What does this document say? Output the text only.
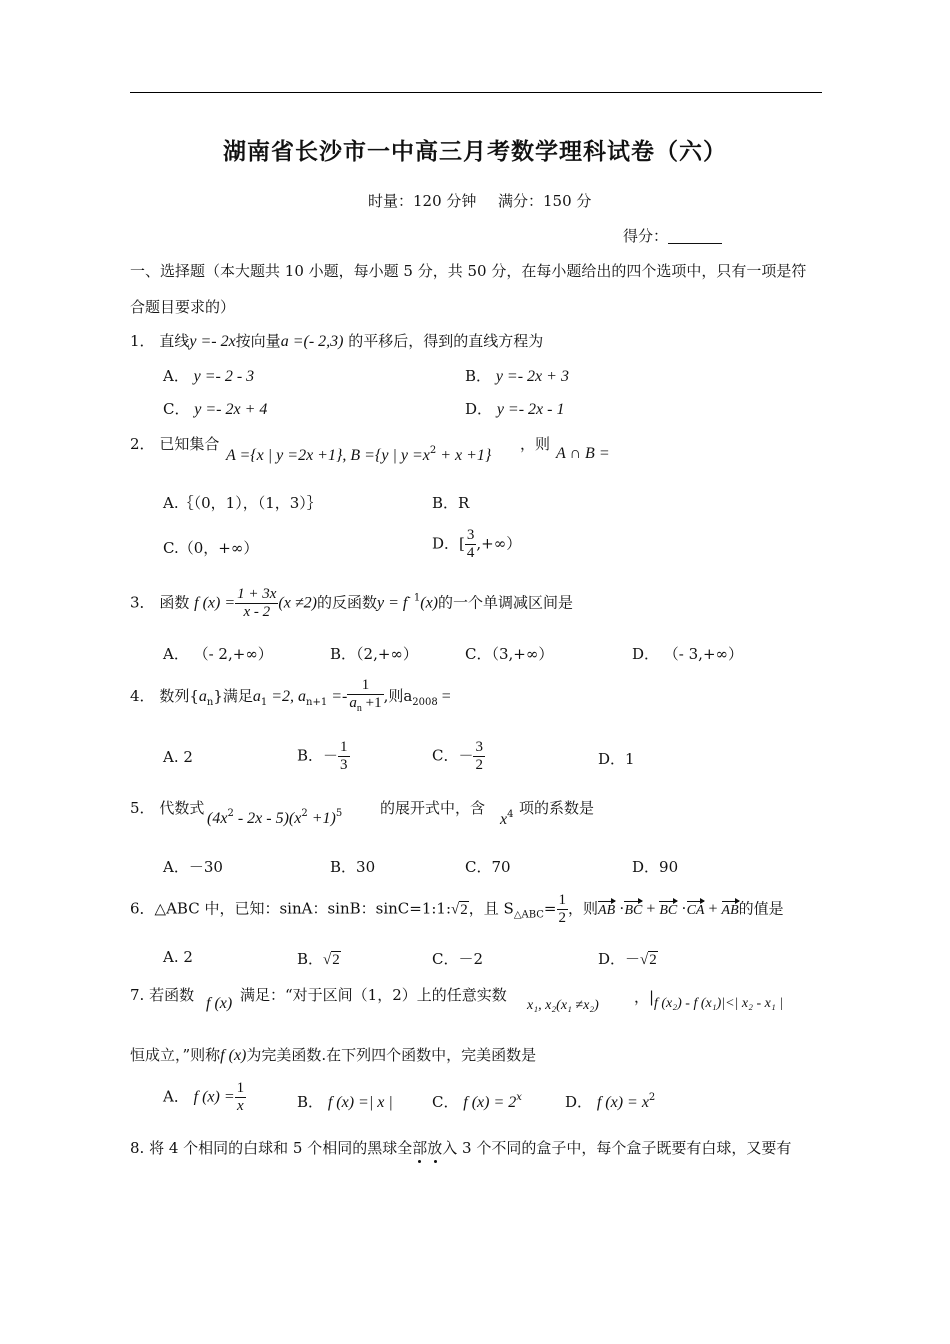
湖南省长沙市一中高三月考数学理科试卷（六）
时量：120 分钟 满分：150 分
得分：
一、选择题（本大题共 10 小题，每小题 5 分，共 50 分，在每小题给出的四个选项中，只有一项是符
合题目要求的）
1． 直线y =- 2x按向量a =(- 2,3) 的平移后，得到的直线方程为
A． y =- 2 - 3	B． y =- 2x + 3
C． y =- 2x + 4	D． y =- 2x - 1
2． 已知集合
A ={x | y =2x +1}, B ={y | $y =x^2 + x +1$}
，则
A ∩ B =
A.｛（0，1），（1，3）｝	B．R
C.（0，+∞）	D．[ $\frac{3}{4}$ ,+∞）
3． 函数 f $(x) = \frac{1 + 3x}{x - 2} (x \ne 2)$的反函数$y = f^{- 1}(x)$的一个单调减区间是
A． （- 2,+∞）	B．（2,+∞）	C．（3,+∞）	D． （- 3,+∞）
4． 数列$\{a_n\}$满足$a_1 =2$, $a_{n+1} =- \frac{1}{a_n +1}$ ,则$a_{2008}$ =
A. 2	B．－ $\frac{1}{3}$	C．－ $\frac{3}{2}$	D．1
5． 代数式
$(4x^2 - 2x - 5)(x^2 +1)^5$	的展开式中，含
$x^4$ 项的系数是
A．－30	B．30	C．70	D．90
6．△ABC 中，已知：sinA：sinB：sinC=1:1:√2，且 $S_{\triangle ABC}= \frac{1}{2}$ ，则AB ·BC + BC ·CA + AB的值是
A. 2	B．√2	C．－2	D．－√2
7. 若函数 f (x) 满足：“对于区间（1，2）上的任意实数
x₁, x₂(x₁ ≠x₂) ，| f (x₂) - f (x₁)|<| x₂ - x₁ |
恒成立，”则称f (x)为完美函数.在下列四个函数中，完美函数是
A． f $(x) = \frac{1}{x}$	B． f (x) =| x |	C． f $(x) = 2^x$	D． f $(x) = x^2$
8. 将 4 个相同的白球和 5 个相同的黑球全部放入 3 个不同的盒子中，每个盒子既要有白球，又要有
